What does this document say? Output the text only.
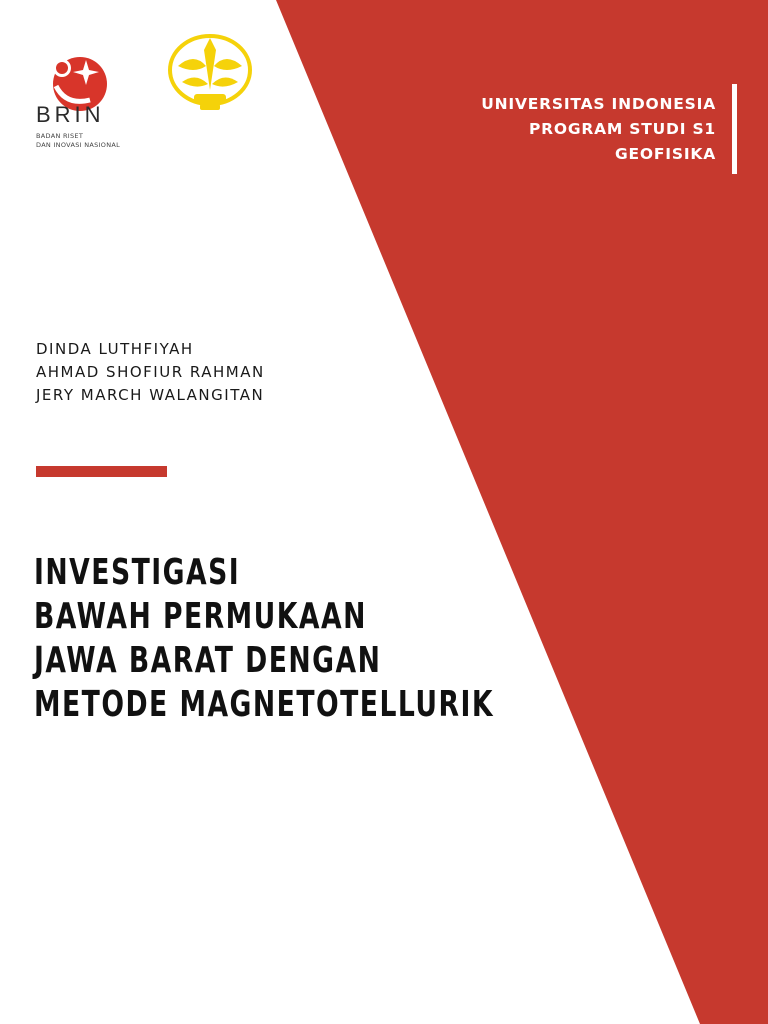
BRIN
BADAN RISET
DAN INOVASI NASIONAL
UNIVERSITAS INDONESIA
PROGRAM STUDI S1
GEOFISIKA
DINDA LUTHFIYAH
AHMAD SHOFIUR RAHMAN
JERY MARCH WALANGITAN
INVESTIGASI
BAWAH PERMUKAAN
JAWA BARAT DENGAN
METODE MAGNETOTELLURIK
